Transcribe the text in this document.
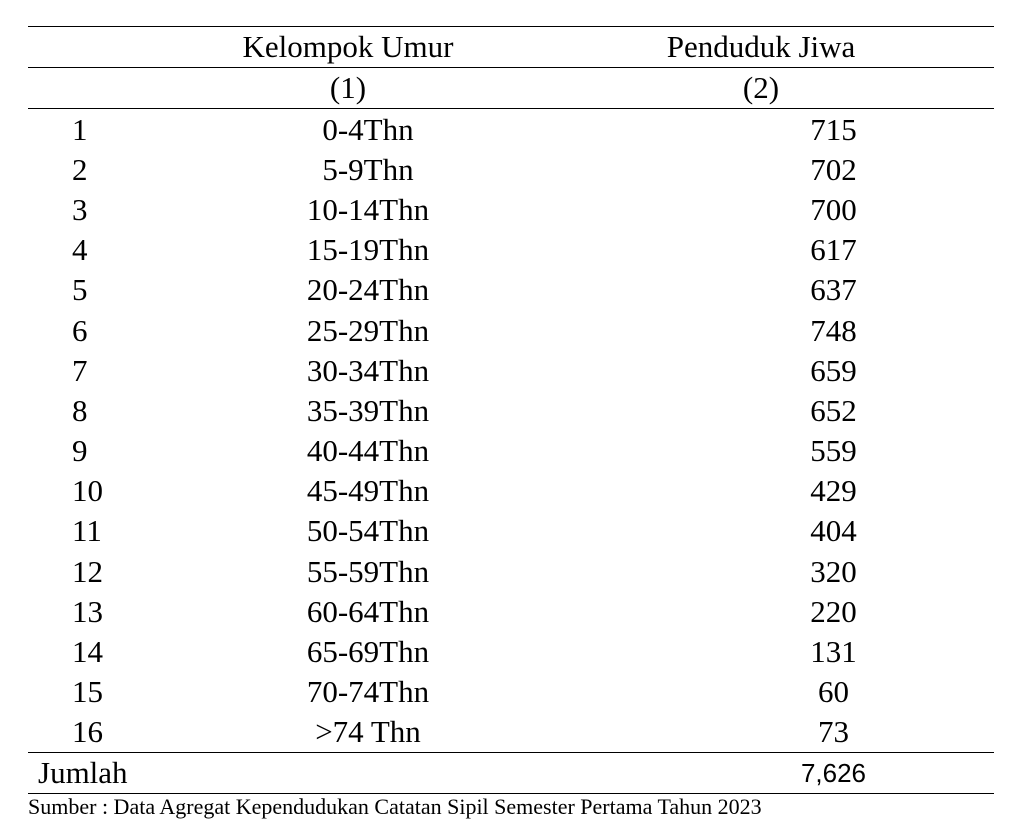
	Kelompok Umur	Penduduk Jiwa
	(1)	(2)
1	0-4Thn	715
2	5-9Thn	702
3	10-14Thn	700
4	15-19Thn	617
5	20-24Thn	637
6	25-29Thn	748
7	30-34Thn	659
8	35-39Thn	652
9	40-44Thn	559
10	45-49Thn	429
11	50-54Thn	404
12	55-59Thn	320
13	60-64Thn	220
14	65-69Thn	131
15	70-74Thn	60
16	>74 Thn	73
Jumlah		7,626
Sumber : Data Agregat Kependudukan Catatan Sipil Semester Pertama Tahun 2023
